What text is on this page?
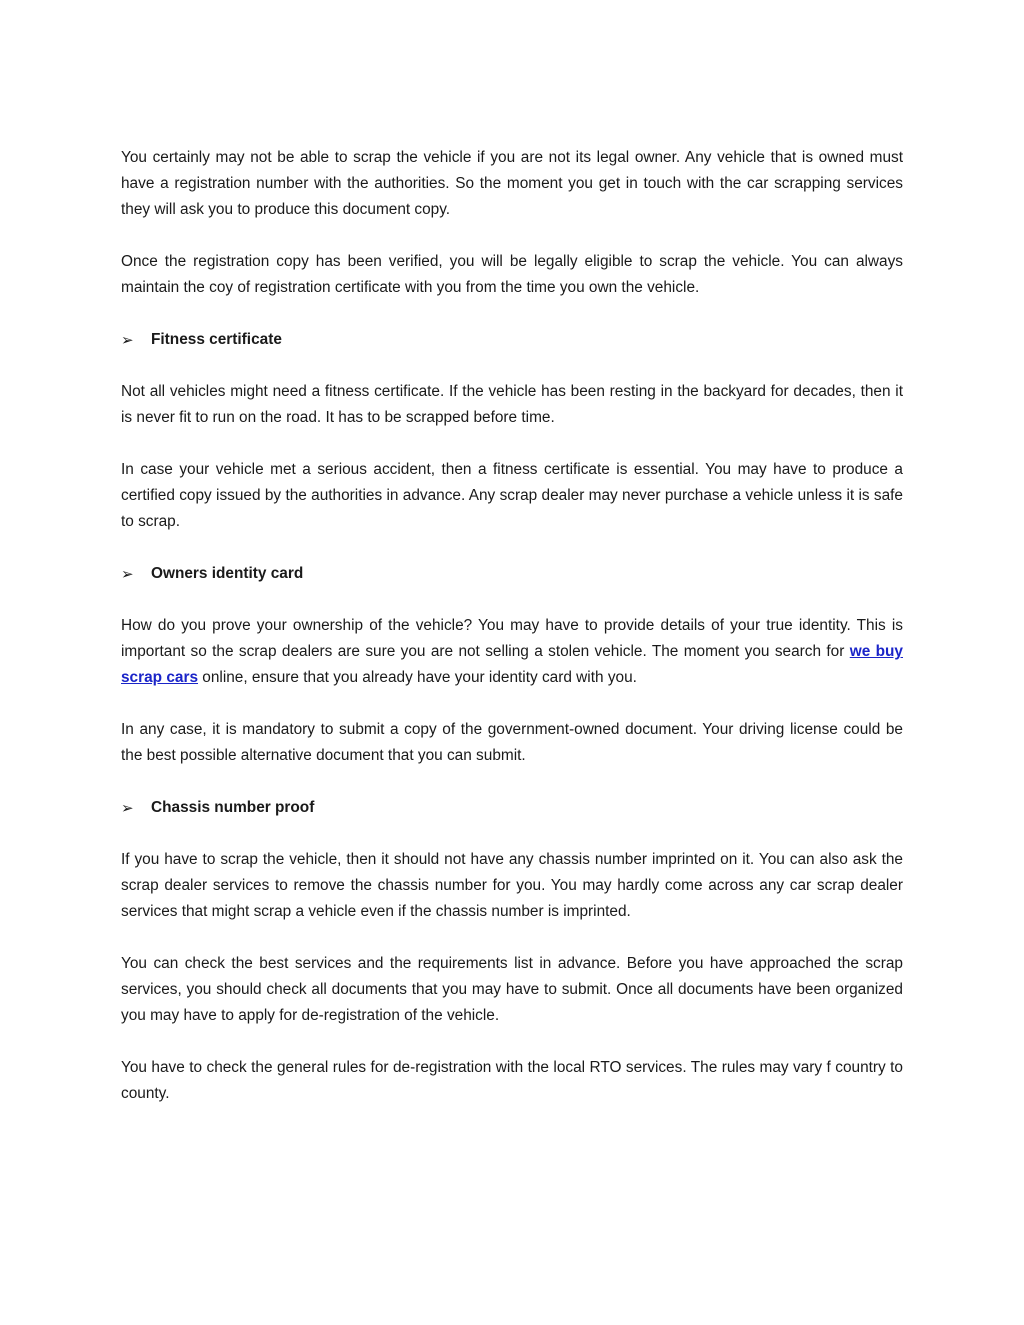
You certainly may not be able to scrap the vehicle if you are not its legal owner. Any vehicle that is owned must have a registration number with the authorities. So the moment you get in touch with the car scrapping services they will ask you to produce this document copy.

Once the registration copy has been verified, you will be legally eligible to scrap the vehicle. You can always maintain the coy of registration certificate with you from the time you own the vehicle.

➢	Fitness certificate

Not all vehicles might need a fitness certificate. If the vehicle has been resting in the backyard for decades, then it is never fit to run on the road. It has to be scrapped before time.

In case your vehicle met a serious accident, then a fitness certificate is essential. You may have to produce a certified copy issued by the authorities in advance. Any scrap dealer may never purchase a vehicle unless it is safe to scrap.

➢	Owners identity card

How do you prove your ownership of the vehicle? You may have to provide details of your true identity. This is important so the scrap dealers are sure you are not selling a stolen vehicle. The moment you search for we buy scrap cars online, ensure that you already have your identity card with you.

In any case, it is mandatory to submit a copy of the government-owned document. Your driving license could be the best possible alternative document that you can submit.

➢	Chassis number proof

If you have to scrap the vehicle, then it should not have any chassis number imprinted on it. You can also ask the scrap dealer services to remove the chassis number for you. You may hardly come across any car scrap dealer services that might scrap a vehicle even if the chassis number is imprinted.

You can check the best services and the requirements list in advance. Before you have approached the scrap services, you should check all documents that you may have to submit. Once all documents have been organized you may have to apply for de-registration of the vehicle.

You have to check the general rules for de-registration with the local RTO services. The rules may vary f country to county.
